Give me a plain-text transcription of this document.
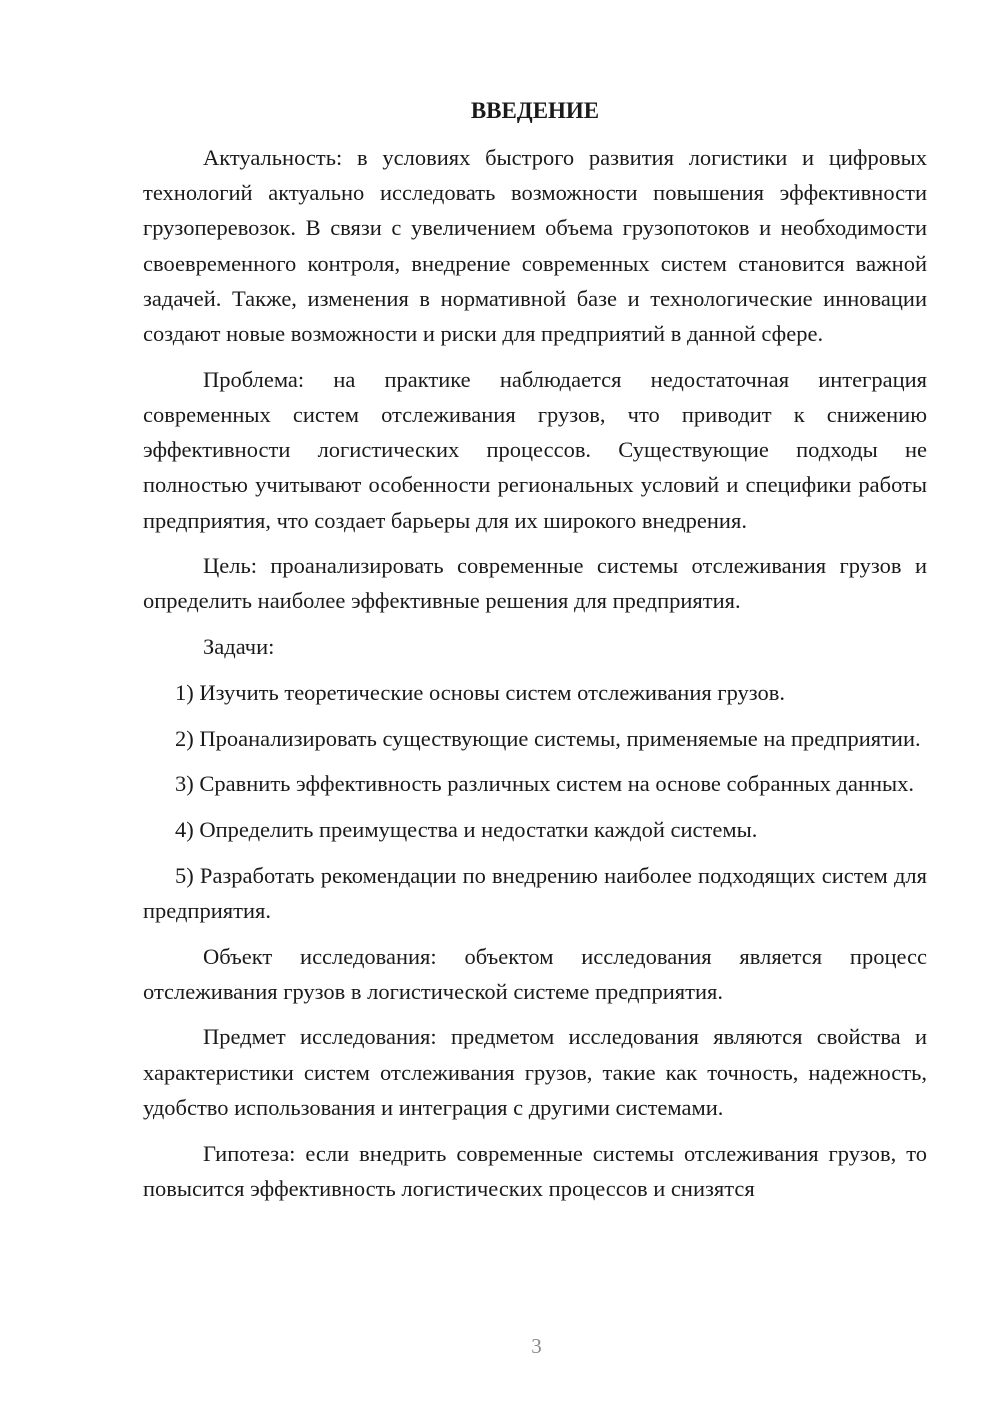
ВВЕДЕНИЕ

Актуальность: в условиях быстрого развития логистики и цифровых технологий актуально исследовать возможности повышения эффективности грузоперевозок. В связи с увеличением объема грузопотоков и необходимости своевременного контроля, внедрение современных систем становится важной задачей. Также, изменения в нормативной базе и технологические инновации создают новые возможности и риски для предприятий в данной сфере.

Проблема: на практике наблюдается недостаточная интеграция современных систем отслеживания грузов, что приводит к снижению эффективности логистических процессов. Существующие подходы не полностью учитывают особенности региональных условий и специфики работы предприятия, что создает барьеры для их широкого внедрения.

Цель: проанализировать современные системы отслеживания грузов и определить наиболее эффективные решения для предприятия.

Задачи:

1) Изучить теоретические основы систем отслеживания грузов.

2) Проанализировать существующие системы, применяемые на предприятии.

3) Сравнить эффективность различных систем на основе собранных данных.

4) Определить преимущества и недостатки каждой системы.

5) Разработать рекомендации по внедрению наиболее подходящих систем для предприятия.

Объект исследования: объектом исследования является процесс отслеживания грузов в логистической системе предприятия.

Предмет исследования: предметом исследования являются свойства и характеристики систем отслеживания грузов, такие как точность, надежность, удобство использования и интеграция с другими системами.

Гипотеза: если внедрить современные системы отслеживания грузов, то повысится эффективность логистических процессов и снизятся

3
